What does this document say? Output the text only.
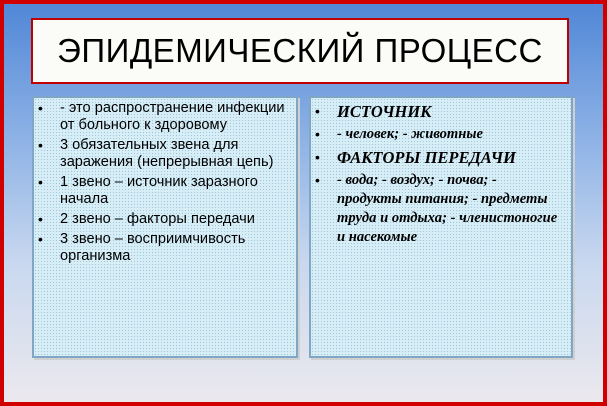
ЭПИДЕМИЧЕСКИЙ ПРОЦЕСС
• - это распространение инфекции от больного к здоровому
• 3 обязательных звена для заражения (непрерывная цепь)
• 1 звено – источник заразного начала
• 2 звено – факторы передачи
• 3 звено – восприимчивость организма
• ИСТОЧНИК
• - человек; - животные
• ФАКТОРЫ ПЕРЕДАЧИ
• - вода; - воздух; - почва; - продукты питания; - предметы труда и отдыха; - членистоногие и насекомые
